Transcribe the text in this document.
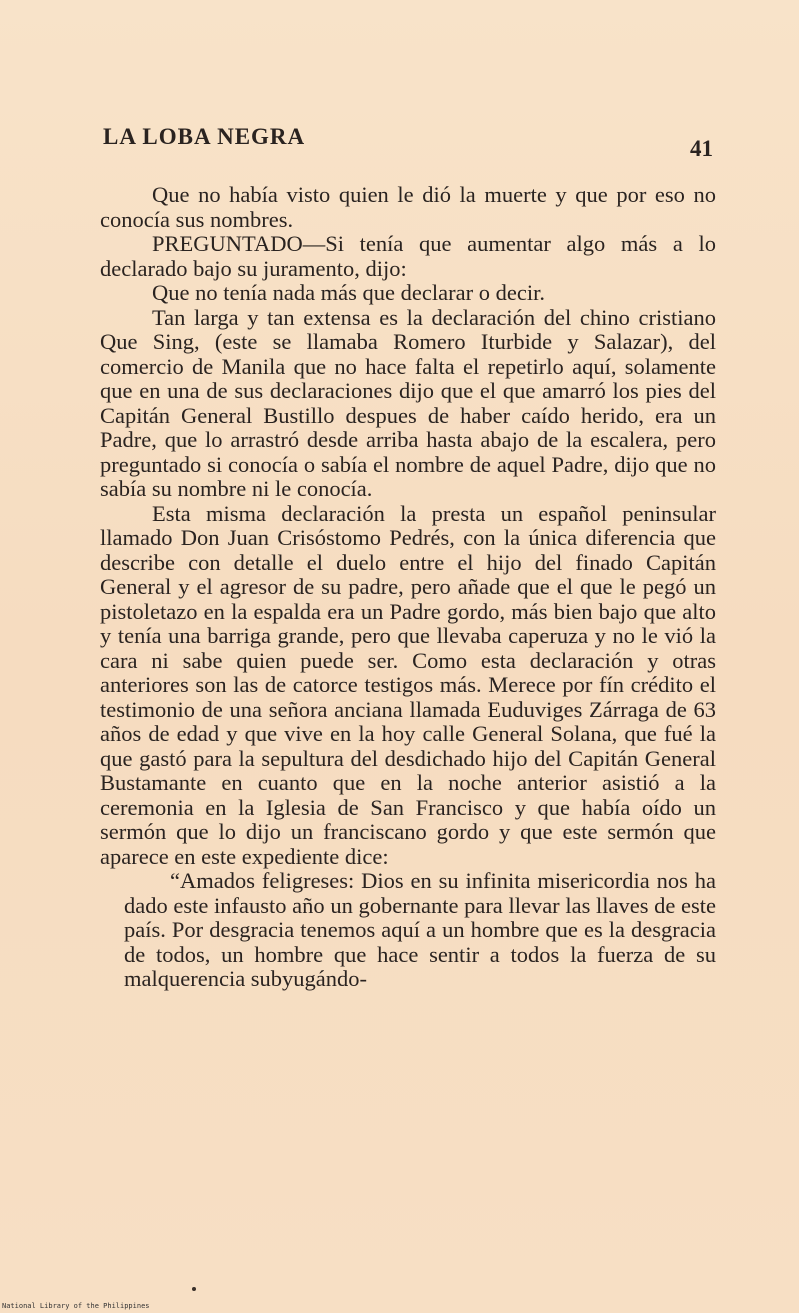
LA LOBA NEGRA	41

Que no había visto quien le dió la muerte y que por eso no conocía sus nombres.

PREGUNTADO—Si tenía que aumentar algo más a lo declarado bajo su juramento, dijo:

Que no tenía nada más que declarar o decir.

Tan larga y tan extensa es la declaración del chino cristiano Que Sing, (este se llamaba Romero Iturbide y Salazar), del comercio de Manila que no hace falta el repetirlo aquí, solamente que en una de sus declaraciones dijo que el que amarró los pies del Capitán General Bustillo despues de haber caído herido, era un Padre, que lo arrastró desde arriba hasta abajo de la escalera, pero preguntado si conocía o sabía el nombre de aquel Padre, dijo que no sabía su nombre ni le conocía.

Esta misma declaración la presta un español peninsular llamado Don Juan Crisóstomo Pedrés, con la única diferencia que describe con detalle el duelo entre el hijo del finado Capitán General y el agresor de su padre, pero añade que el que le pegó un pistoletazo en la espalda era un Padre gordo, más bien bajo que alto y tenía una barriga grande, pero que llevaba caperuza y no le vió la cara ni sabe quien puede ser. Como esta declaración y otras anteriores son las de catorce testigos más. Merece por fín crédito el testimonio de una señora anciana llamada Euduviges Zárraga de 63 años de edad y que vive en la hoy calle General Solana, que fué la que gastó para la sepultura del desdichado hijo del Capitán General Bustamante en cuanto que en la noche anterior asistió a la ceremonia en la Iglesia de San Francisco y que había oído un sermón que lo dijo un franciscano gordo y que este sermón que aparece en este expediente dice:

“Amados feligreses: Dios en su infinita misericordia nos ha dado este infausto año un gobernante para llevar las llaves de este país. Por desgracia tenemos aquí a un hombre que es la desgracia de todos, un hombre que hace sentir a todos la fuerza de su malquerencia subyugándo-

National Library of the Philippines
